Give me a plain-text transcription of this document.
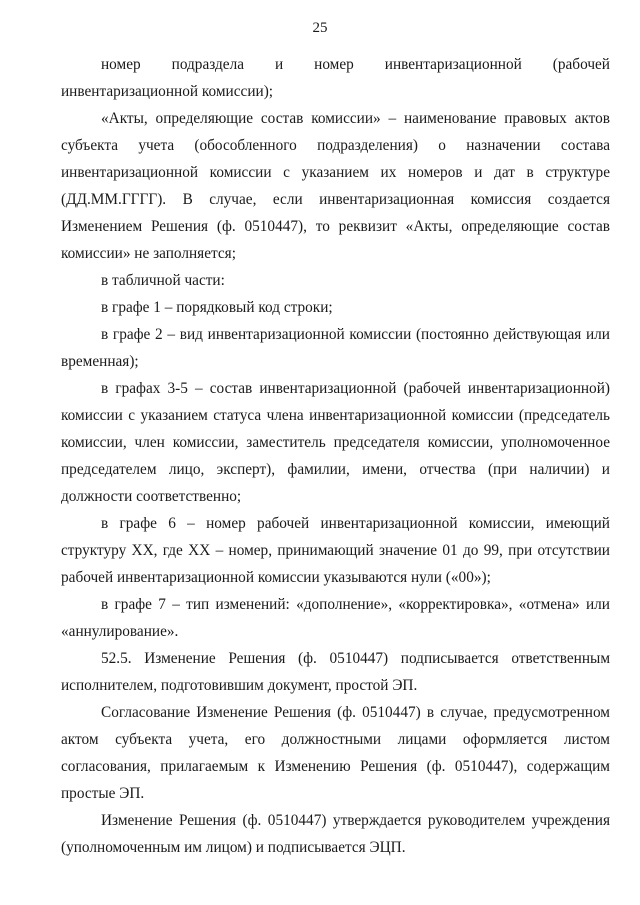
25

номер подраздела и номер инвентаризационной (рабочей инвентаризационной комиссии);

«Акты, определяющие состав комиссии» – наименование правовых актов субъекта учета (обособленного подразделения) о назначении состава инвентаризационной комиссии с указанием их номеров и дат в структуре (ДД.ММ.ГГГГ). В случае, если инвентаризационная комиссия создается Изменением Решения (ф. 0510447), то реквизит «Акты, определяющие состав комиссии» не заполняется;

в табличной части:

в графе 1 – порядковый код строки;

в графе 2 – вид инвентаризационной комиссии (постоянно действующая или временная);

в графах 3-5 – состав инвентаризационной (рабочей инвентаризационной) комиссии с указанием статуса члена инвентаризационной комиссии (председатель комиссии, член комиссии, заместитель председателя комиссии, уполномоченное председателем лицо, эксперт), фамилии, имени, отчества (при наличии) и должности соответственно;

в графе 6 – номер рабочей инвентаризационной комиссии, имеющий структуру XX, где XX – номер, принимающий значение 01 до 99, при отсутствии рабочей инвентаризационной комиссии указываются нули («00»);

в графе 7 – тип изменений: «дополнение», «корректировка», «отмена» или «аннулирование».

52.5. Изменение Решения (ф. 0510447) подписывается ответственным исполнителем, подготовившим документ, простой ЭП.

Согласование Изменение Решения (ф. 0510447) в случае, предусмотренном актом субъекта учета, его должностными лицами оформляется листом согласования, прилагаемым к Изменению Решения (ф. 0510447), содержащим простые ЭП.

Изменение Решения (ф. 0510447) утверждается руководителем учреждения (уполномоченным им лицом) и подписывается ЭЦП.
